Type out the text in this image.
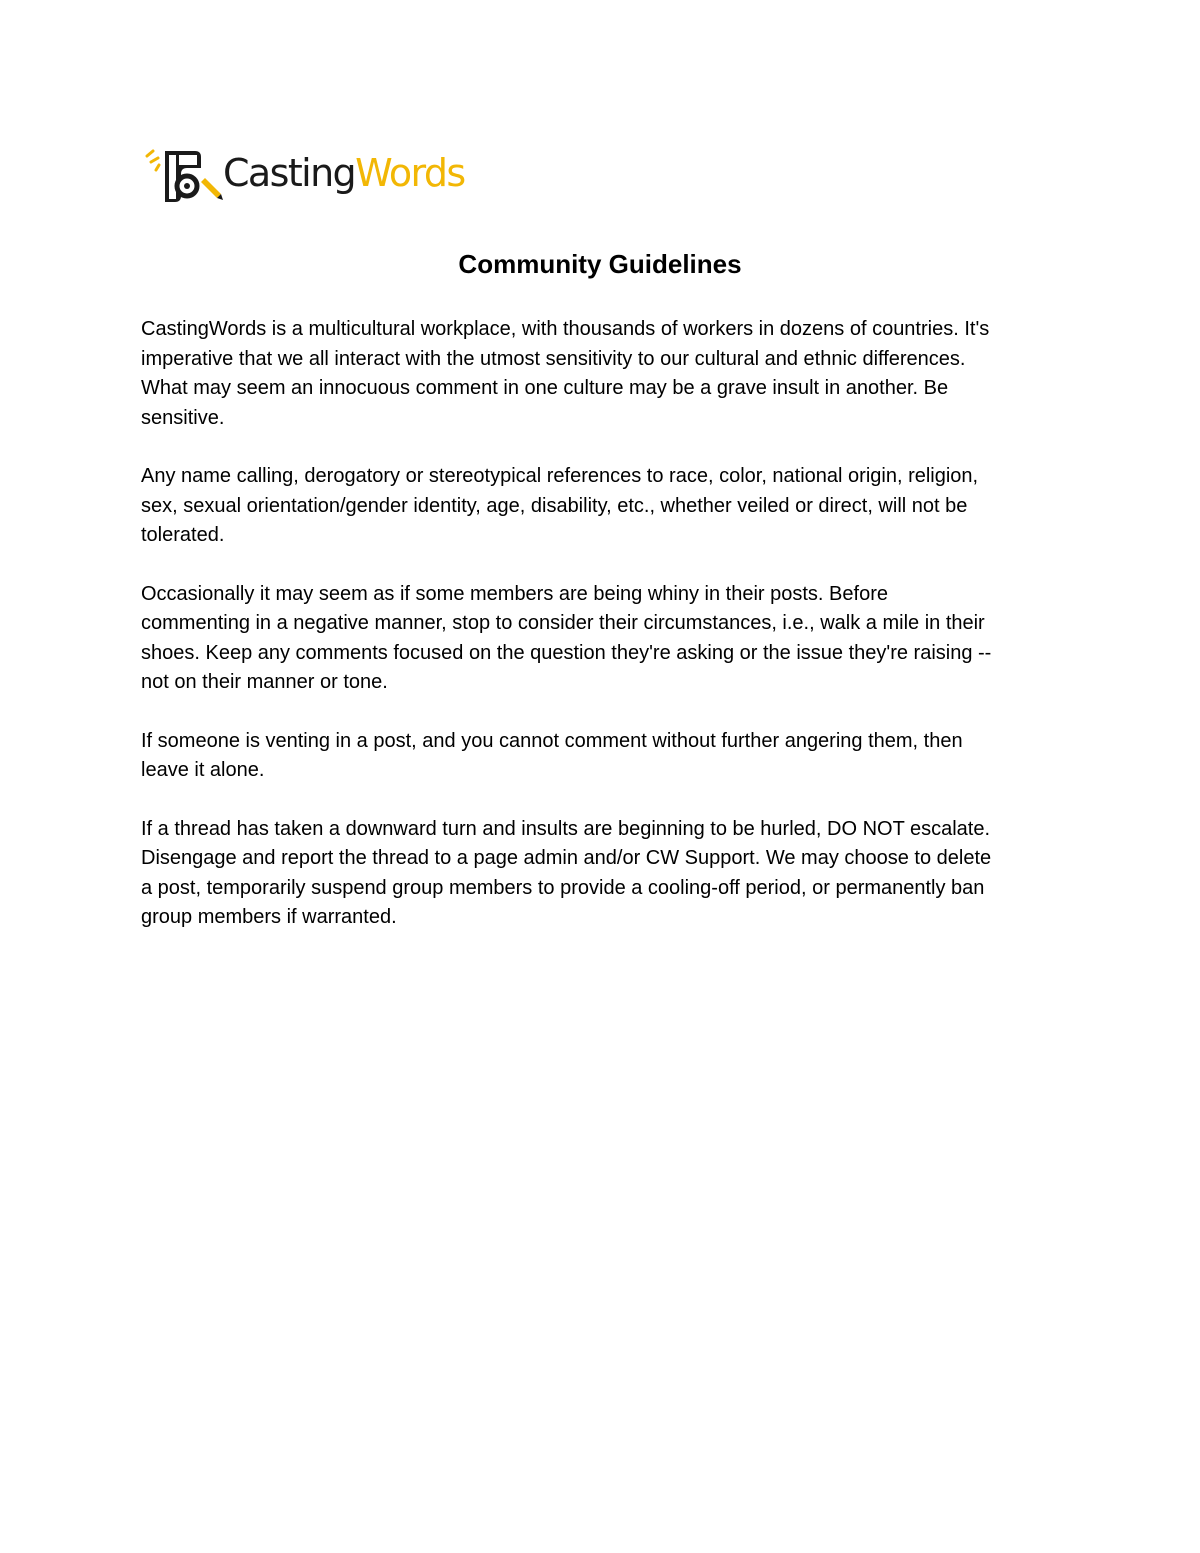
CastingWords
Community Guidelines

CastingWords is a multicultural workplace, with thousands of workers in dozens of countries. It's
imperative that we all interact with the utmost sensitivity to our cultural and ethnic differences.
What may seem an innocuous comment in one culture may be a grave insult in another. Be
sensitive.

Any name calling, derogatory or stereotypical references to race, color, national origin, religion,
sex, sexual orientation/gender identity, age, disability, etc., whether veiled or direct, will not be
tolerated.

Occasionally it may seem as if some members are being whiny in their posts. Before
commenting in a negative manner, stop to consider their circumstances, i.e., walk a mile in their
shoes. Keep any comments focused on the question they're asking or the issue they're raising --
not on their manner or tone.

If someone is venting in a post, and you cannot comment without further angering them, then
leave it alone.

If a thread has taken a downward turn and insults are beginning to be hurled, DO NOT escalate.
Disengage and report the thread to a page admin and/or CW Support. We may choose to delete
a post, temporarily suspend group members to provide a cooling-off period, or permanently ban
group members if warranted.
